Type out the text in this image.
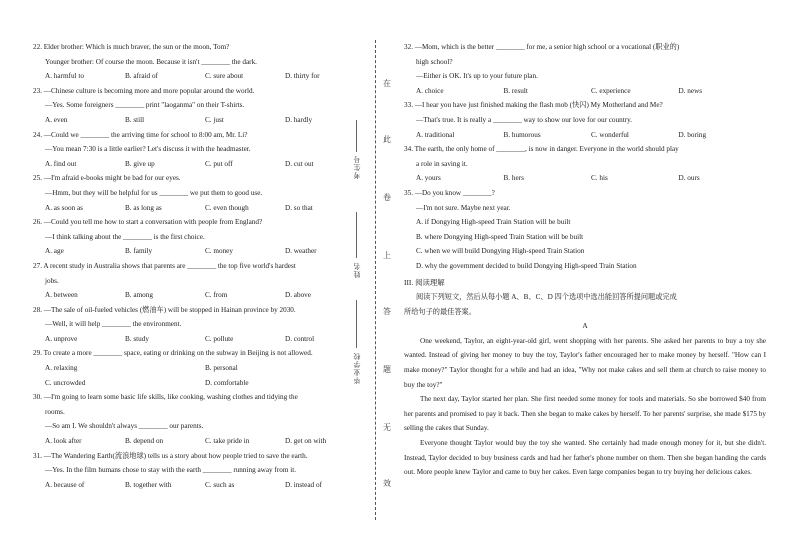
22. Elder brother: Which is much braver, the sun or the moon, Tom?
Younger brother: Of course the moon. Because it isn't ________ the dark.
A. harmful to	B. afraid of	C. sure about	D. thirty for
23. —Chinese culture is becoming more and more popular around the world.
—Yes. Some foreigners ________ print "laoganma" on their T-shirts.
A. even	B. still	C. just	D. hardly
24. —Could we ________ the arriving time for school to 8:00 am, Mr. Li?
—You mean 7:30 is a little earlier? Let's discuss it with the headmaster.
A. find out	B. give up	C. put off	D. cut out
25. —I'm afraid e-books might be bad for our eyes.
—Hmm, but they will be helpful for us ________ we put them to good use.
A. as soon as	B. as long as	C. even though	D. so that
26. —Could you tell me how to start a conversation with people from England?
—I think talking about the ________ is the first choice.
A. age	B. family	C. money	D. weather
27. A recent study in Australia shows that parents are ________ the top five world's hardest
jobs.
A. between	B. among	C. from	D. above
28. —The sale of oil-fueled vehicles (燃油车) will be stopped in Hainan province by 2030.
—Well, it will help ________ the environment.
A. unprove	B. study	C. pollute	D. control
29. To create a more ________ space, eating or drinking on the subway in Beijing is not allowed.
A. relaxing	B. personal
C. uncrowded	D. comfortable
30. —I'm going to learn some basic life skills, like cooking, washing clothes and tidying the
rooms.
—So am I. We shouldn't always ________ our parents.
A. look after	B. depend on	C. take pride in	D. get on with
31. —The Wandering Earth(流浪地球) tells us a story about how people tried to save the earth.
—Yes. In the film humans chose to stay with the earth ________ running away from it.
A. because of	B. together with	C. such as	D. instead of
在
此
卷
上
答
题
无
效
考生号
姓名
毕业学校
32. —Mom, which is the better ________ for me, a senior high school or a vocational (职业的)
high school?
—Either is OK. It's up to your future plan.
A. choice	B. result	C. experience	D. news
33. —I hear you have just finished making the flash mob (快闪) My Motherland and Me?
—That's true. It is really a ________ way to show our love for our country.
A. traditional	B. humorous	C. wonderful	D. boring
34. The earth, the only home of ________, is now in danger. Everyone in the world should play
a role in saving it.
A. yours	B. hers	C. his	D. ours
35. —Do you know ________?
—I'm not sure. Maybe next year.
A. if Dongying High-speed Train Station will be built
B. where Dongying High-speed Train Station will be built
C. when we will build Dongying High-speed Train Station
D. why the government decided to build Dongying High-speed Train Station
III. 阅读理解
阅读下列短文，然后从每小题 A、B、C、D 四个选项中选出能回答所提问题或完成
所给句子的最佳答案。
A
One weekend, Taylor, an eight-year-old girl, went shopping with her parents. She asked her parents to buy a toy she wanted. Instead of giving her money to buy the toy, Taylor's father encouraged her to make money by herself. "How can I make money?" Taylor thought for a while and had an idea, "Why not make cakes and sell them at church to raise money to buy the toy?"
The next day, Taylor started her plan. She first needed some money for tools and materials. So she borrowed $40 from her parents and promised to pay it back. Then she began to make cakes by herself. To her parents' surprise, she made $175 by selling the cakes that Sunday.
Everyone thought Taylor would buy the toy she wanted. She certainly had made enough money for it, but she didn't. Instead, Taylor decided to buy business cards and had her father's phone number on them. Then she began handing the cards out. More people knew Taylor and came to buy her cakes. Even large companies began to try buying her delicious cakes.
